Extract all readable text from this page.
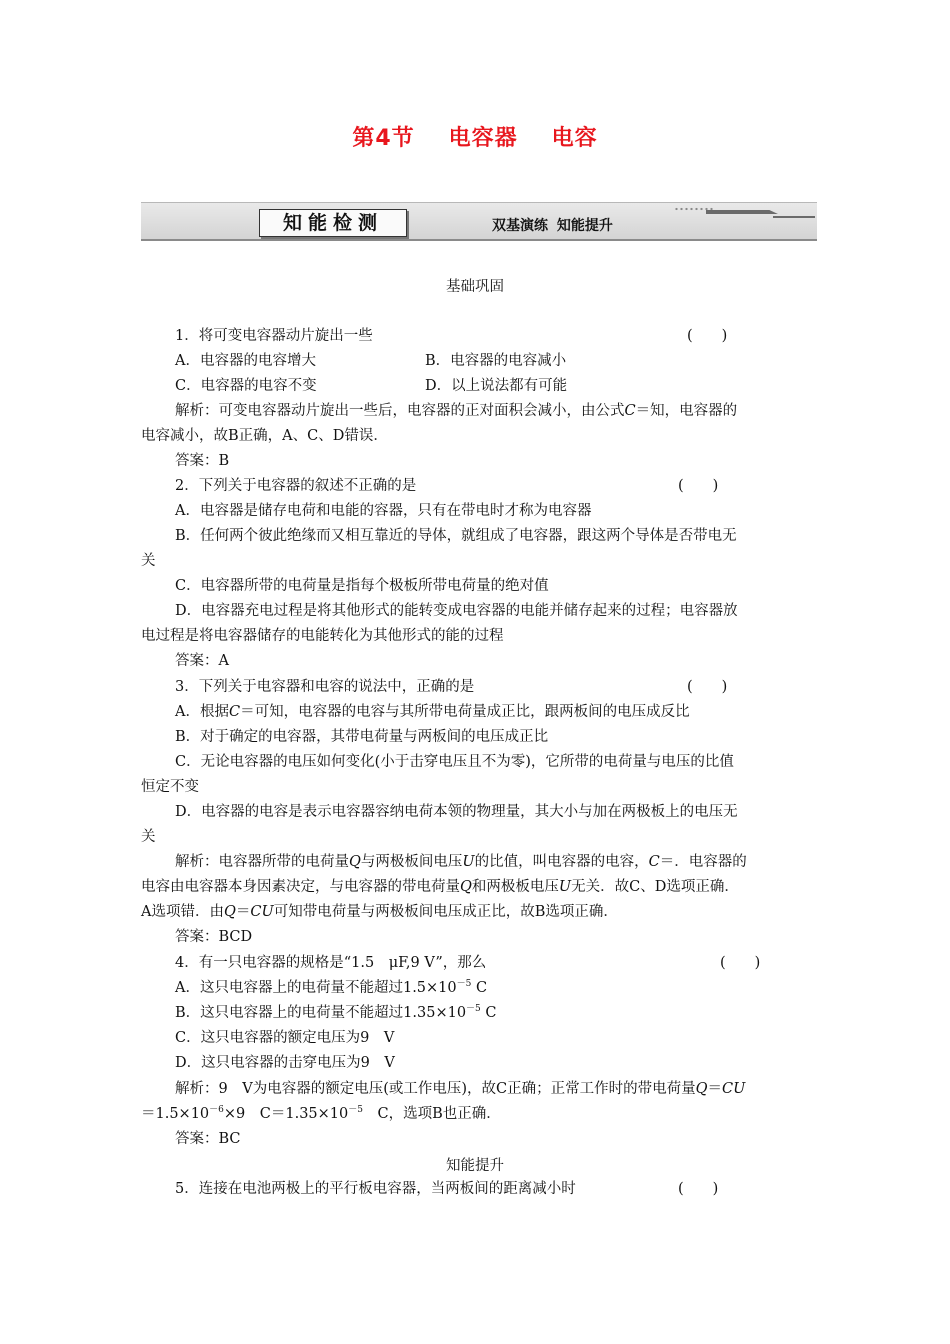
第4节 电容器 电容
知能检测	双基演练 知能提升
基础巩固
1．将可变电容器动片旋出一些	(　　)
A．电容器的电容增大	B．电容器的电容减小
C．电容器的电容不变	D．以上说法都有可能
解析：可变电容器动片旋出一些后，电容器的正对面积会减小，由公式C＝知，电容器的
电容减小，故B正确，A、C、D错误．
答案：B
2．下列关于电容器的叙述不正确的是	(　　)
A．电容器是储存电荷和电能的容器，只有在带电时才称为电容器
B．任何两个彼此绝缘而又相互靠近的导体，就组成了电容器，跟这两个导体是否带电无
关
C．电容器所带的电荷量是指每个极板所带电荷量的绝对值
D．电容器充电过程是将其他形式的能转变成电容器的电能并储存起来的过程；电容器放
电过程是将电容器储存的电能转化为其他形式的能的过程
答案：A
3．下列关于电容器和电容的说法中，正确的是	(　　)
A．根据C＝可知，电容器的电容与其所带电荷量成正比，跟两板间的电压成反比
B．对于确定的电容器，其带电荷量与两板间的电压成正比
C．无论电容器的电压如何变化(小于击穿电压且不为零)，它所带的电荷量与电压的比值
恒定不变
D．电容器的电容是表示电容器容纳电荷本领的物理量，其大小与加在两极板上的电压无
关
解析：电容器所带的电荷量Q与两极板间电压U的比值，叫电容器的电容，C＝．电容器的
电容由电容器本身因素决定，与电容器的带电荷量Q和两极板电压U无关．故C、D选项正确．
A选项错．由Q＝CU可知带电荷量与两极板间电压成正比，故B选项正确．
答案：BCD
4．有一只电容器的规格是“1.5　μF,9 V”，那么	(　　)
A．这只电容器上的电荷量不能超过$1.5\times 10^{-5}$ C
B．这只电容器上的电荷量不能超过$1.35\times 10^{-5}$ C
C．这只电容器的额定电压为9　V
D．这只电容器的击穿电压为9　V
解析：9　V为电容器的额定电压(或工作电压)，故C正确；正常工作时的带电荷量Q＝CU
$=1.5\times 10^{-6}\times 9$　$C=1.35\times 10^{-5}$　C，选项B也正确．
答案：BC
知能提升
5．连接在电池两极上的平行板电容器，当两板间的距离减小时	(　　)
